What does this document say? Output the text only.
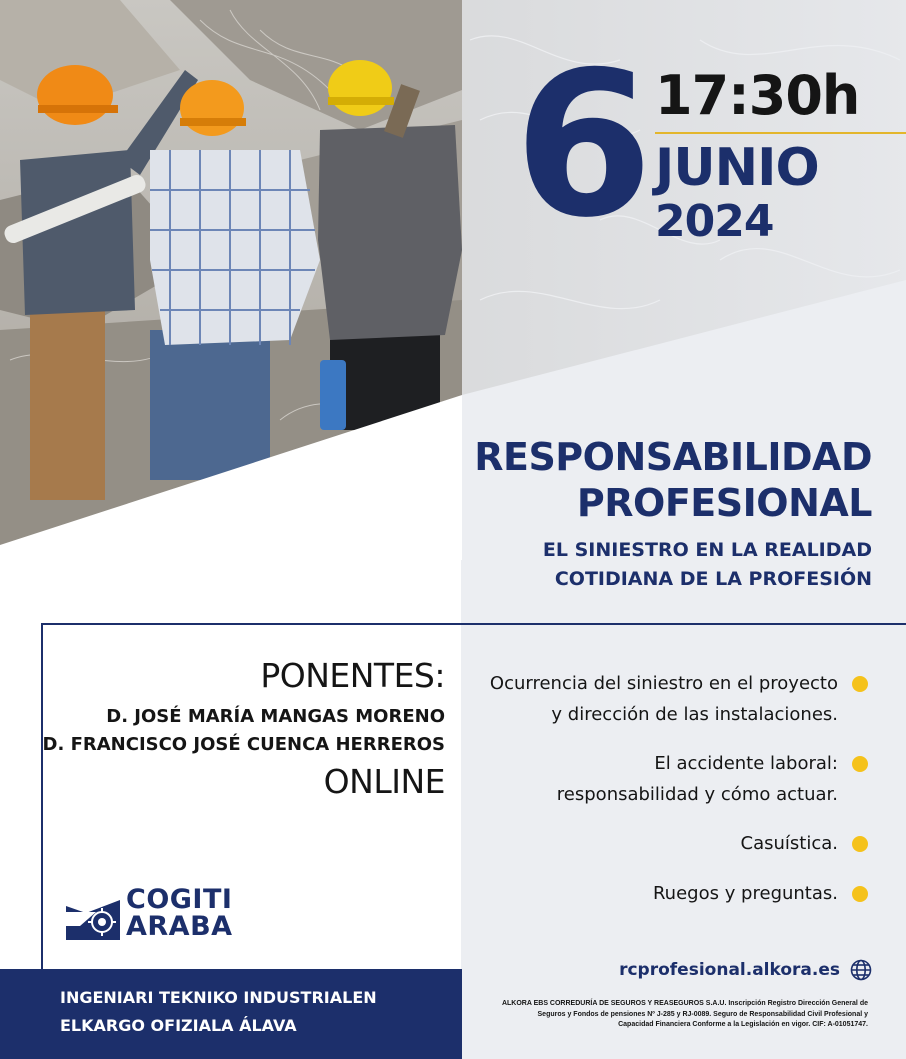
6 17:30h
JUNIO
2024
RESPONSABILIDAD
PROFESIONAL
EL SINIESTRO EN LA REALIDAD
COTIDIANA DE LA PROFESIÓN
PONENTES:
D. JOSÉ MARÍA MANGAS MORENO
D. FRANCISCO JOSÉ CUENCA HERREROS
ONLINE
COGITI
ARABA
Ocurrencia del siniestro en el proyecto
y dirección de las instalaciones.
El accidente laboral:
responsabilidad y cómo actuar.
Casuística.
Ruegos y preguntas.
INGENIARI TEKNIKO INDUSTRIALEN
ELKARGO OFIZIALA ÁLAVA
rcprofesional.alkora.es
ALKORA EBS CORREDURÍA DE SEGUROS Y REASEGUROS S.A.U. Inscripción Registro Dirección General de
Seguros y Fondos de pensiones Nº J-285 y RJ-0089. Seguro de Responsabilidad Civil Profesional y
Capacidad Financiera Conforme a la Legislación en vigor. CIF: A-01051747.
